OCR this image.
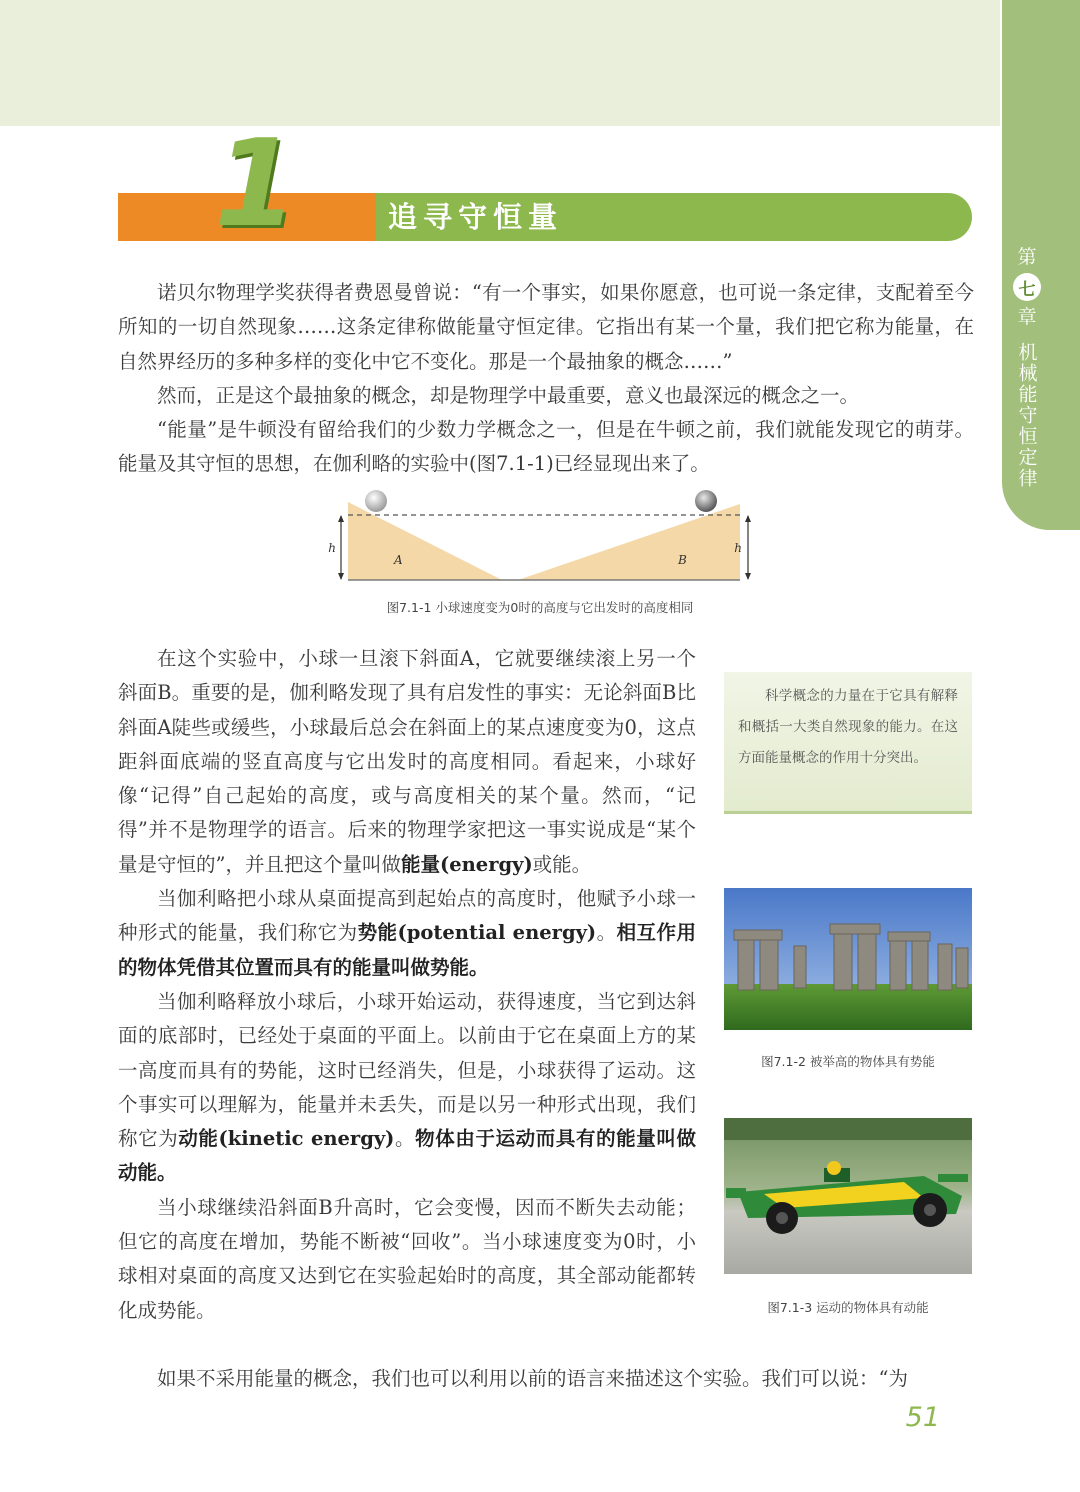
第
七
章
机械能守恒定律
1	追寻守恒量

诺贝尔物理学奖获得者费恩曼曾说：“有一个事实，如果你愿意，也可说一条定律，支配着至今所知的一切自然现象……这条定律称做能量守恒定律。它指出有某一个量，我们把它称为能量，在自然界经历的多种多样的变化中它不变化。那是一个最抽象的概念……”

然而，正是这个最抽象的概念，却是物理学中最重要，意义也最深远的概念之一。

“能量”是牛顿没有留给我们的少数力学概念之一，但是在牛顿之前，我们就能发现它的萌芽。能量及其守恒的思想，在伽利略的实验中(图7.1-1)已经显现出来了。

h	h
A	B
图7.1-1 小球速度变为0时的高度与它出发时的高度相同

在这个实验中，小球一旦滚下斜面A，它就要继续滚上另一个斜面B。重要的是，伽利略发现了具有启发性的事实：无论斜面B比斜面A陡些或缓些，小球最后总会在斜面上的某点速度变为0，这点距斜面底端的竖直高度与它出发时的高度相同。看起来，小球好像“记得”自己起始的高度，或与高度相关的某个量。然而，“记得”并不是物理学的语言。后来的物理学家把这一事实说成是“某个量是守恒的”，并且把这个量叫做能量(energy)或能。

当伽利略把小球从桌面提高到起始点的高度时，他赋予小球一种形式的能量，我们称它为势能(potential energy)。相互作用的物体凭借其位置而具有的能量叫做势能。

当伽利略释放小球后，小球开始运动，获得速度，当它到达斜面的底部时，已经处于桌面的平面上。以前由于它在桌面上方的某一高度而具有的势能，这时已经消失，但是，小球获得了运动。这个事实可以理解为，能量并未丢失，而是以另一种形式出现，我们称它为动能(kinetic energy)。物体由于运动而具有的能量叫做动能。

当小球继续沿斜面B升高时，它会变慢，因而不断失去动能；但它的高度在增加，势能不断被“回收”。当小球速度变为0时，小球相对桌面的高度又达到它在实验起始时的高度，其全部动能都转化成势能。

如果不采用能量的概念，我们也可以利用以前的语言来描述这个实验。我们可以说：“为

科学概念的力量在于它具有解释和概括一大类自然现象的能力。在这方面能量概念的作用十分突出。

图7.1-2 被举高的物体具有势能
图7.1-3 运动的物体具有动能
51
